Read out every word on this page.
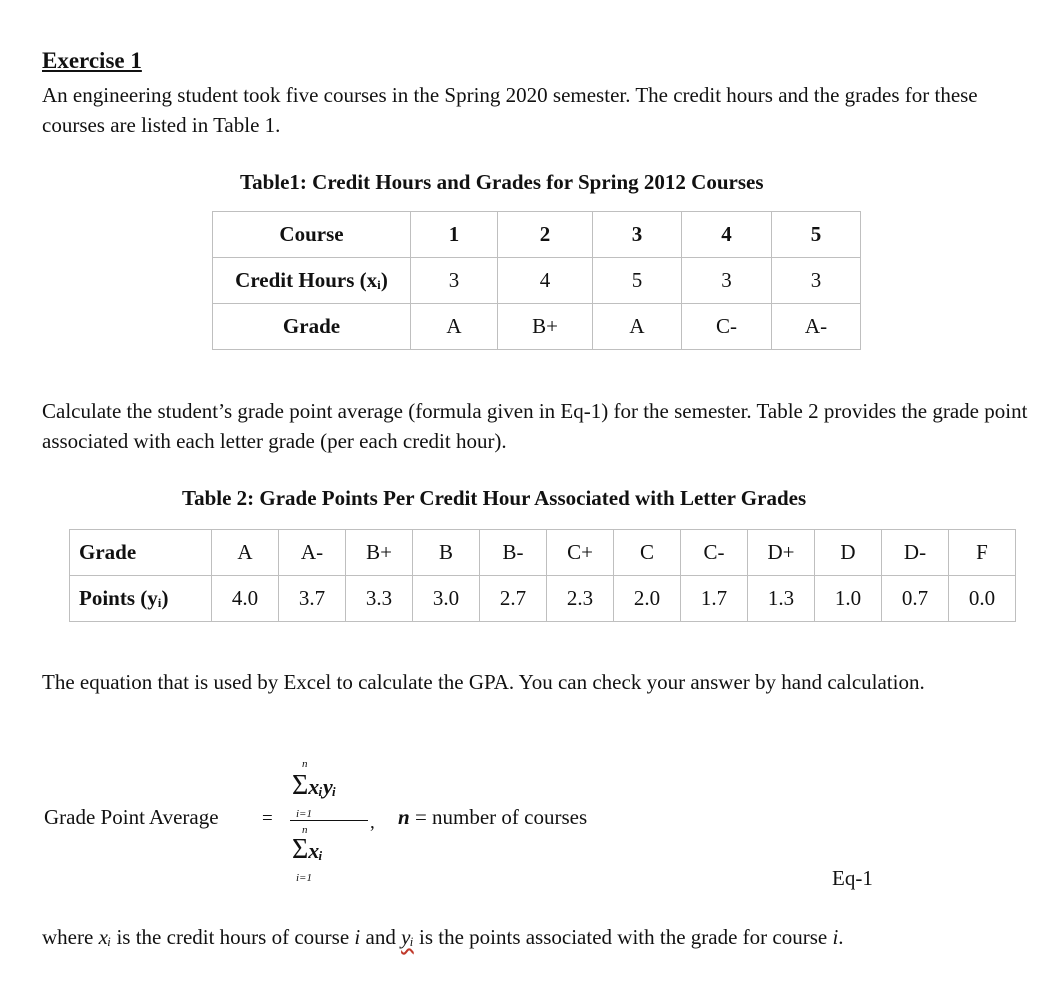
Exercise 1
An engineering student took five courses in the Spring 2020 semester. The credit hours and the grades for these courses are listed in Table 1.
Table1: Credit Hours and Grades for Spring 2012 Courses
Course	1	2	3	4	5
Credit Hours (xᵢ)	3	4	5	3	3
Grade	A	B+	A	C-	A-
Calculate the student’s grade point average (formula given in Eq-1) for the semester. Table 2 provides the grade point associated with each letter grade (per each credit hour).
Table 2: Grade Points Per Credit Hour Associated with Letter Grades
Grade	A	A-	B+	B	B-	C+	C	C-	D+	D	D-	F
Points (yᵢ)	4.0	3.7	3.3	3.0	2.7	2.3	2.0	1.7	1.3	1.0	0.7	0.0
The equation that is used by Excel to calculate the GPA. You can check your answer by hand calculation.
Grade Point Average =
n
Σxᵢyᵢ
i=1
n
Σxᵢ
i=1
, n = number of courses
Eq-1
where xᵢ is the credit hours of course i and yᵢ is the points associated with the grade for course i.
